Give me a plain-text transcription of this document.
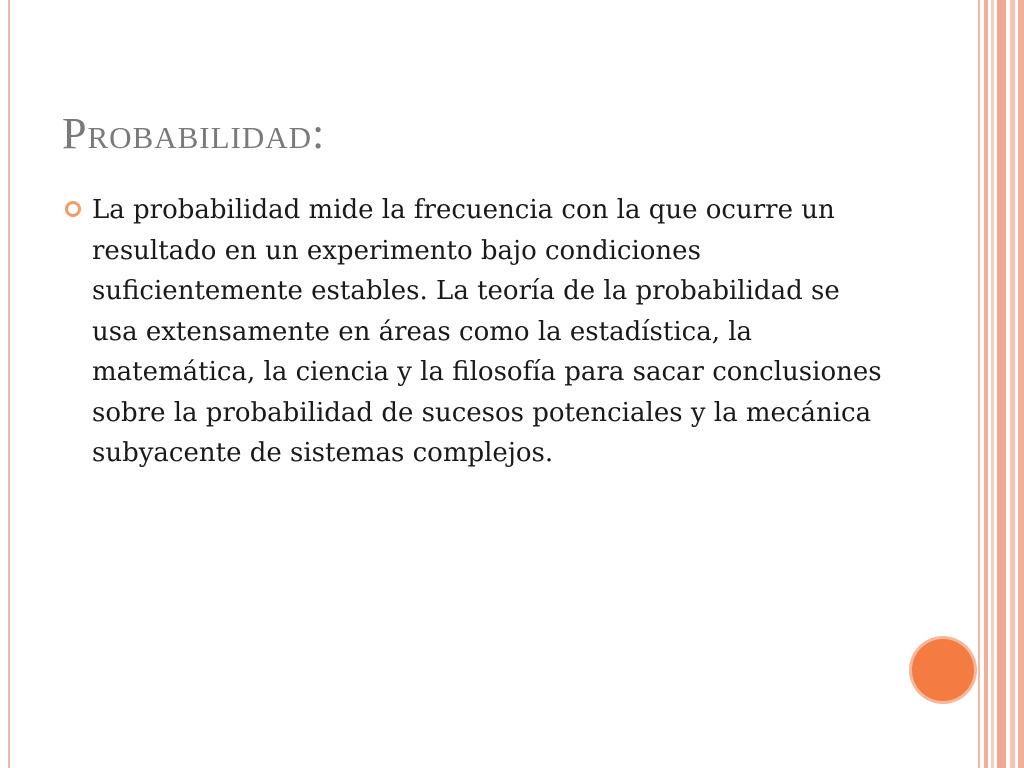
Probabilidad:

La probabilidad mide la frecuencia con la que ocurre un resultado en un experimento bajo condiciones suficientemente estables. La teoría de la probabilidad se usa extensamente en áreas como la estadística, la matemática, la ciencia y la filosofía para sacar conclusiones sobre la probabilidad de sucesos potenciales y la mecánica subyacente de sistemas complejos.
